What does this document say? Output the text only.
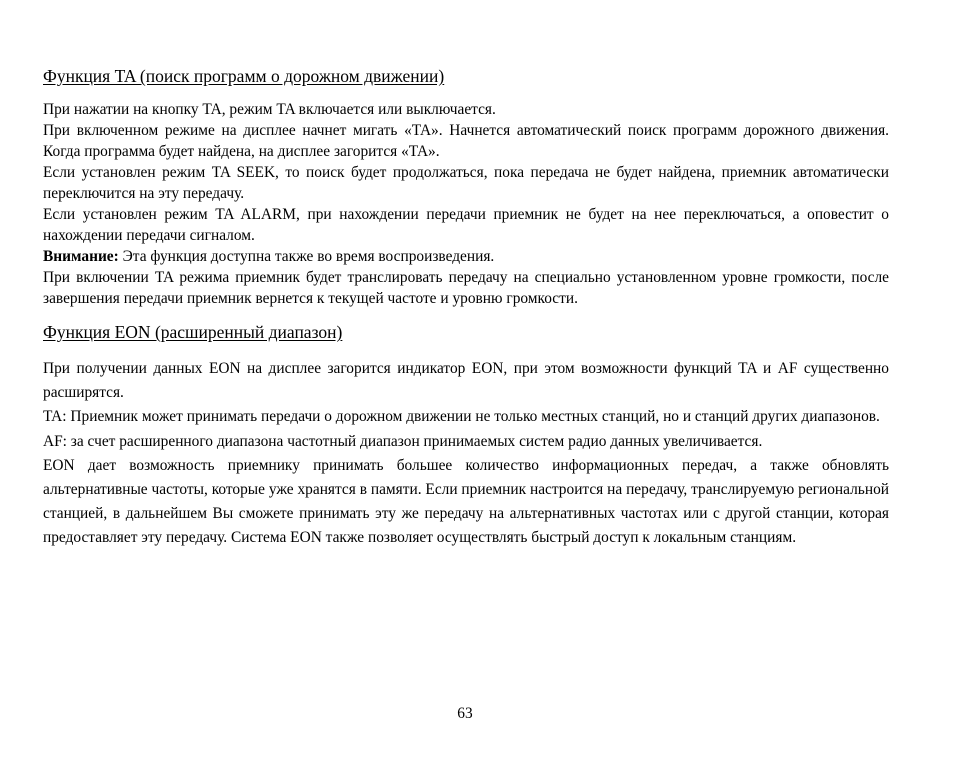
Функция TA (поиск программ о дорожном движении)

При нажатии на кнопку TA, режим TA включается или выключается.

При включенном режиме на дисплее начнет мигать «TA». Начнется автоматический поиск программ дорожного движения. Когда программа будет найдена, на дисплее загорится «TA».

Если установлен режим TA SEEK, то поиск будет продолжаться, пока передача не будет найдена, приемник автоматически переключится на эту передачу.

Если установлен режим TA ALARM, при нахождении передачи приемник не будет на нее переключаться, а оповестит о нахождении передачи сигналом.

Внимание: Эта функция доступна также во время воспроизведения.

При включении TA режима приемник будет транслировать передачу на специально установленном уровне громкости, после завершения передачи приемник вернется к текущей частоте и уровню громкости.

Функция EON (расширенный диапазон)

При получении данных EON на дисплее загорится индикатор EON, при этом возможности функций TA и AF существенно расширятся.

TA: Приемник может принимать передачи о дорожном движении не только местных станций, но и станций других диапазонов.

AF: за счет расширенного диапазона частотный диапазон принимаемых систем радио данных увеличивается.

EON дает возможность приемнику принимать большее количество информационных передач, а также обновлять альтернативные частоты, которые уже хранятся в памяти. Если приемник настроится на передачу, транслируемую региональной станцией, в дальнейшем Вы сможете принимать эту же передачу на альтернативных частотах или с другой станции, которая предоставляет эту передачу. Система EON также позволяет осуществлять быстрый доступ к локальным станциям.

63
